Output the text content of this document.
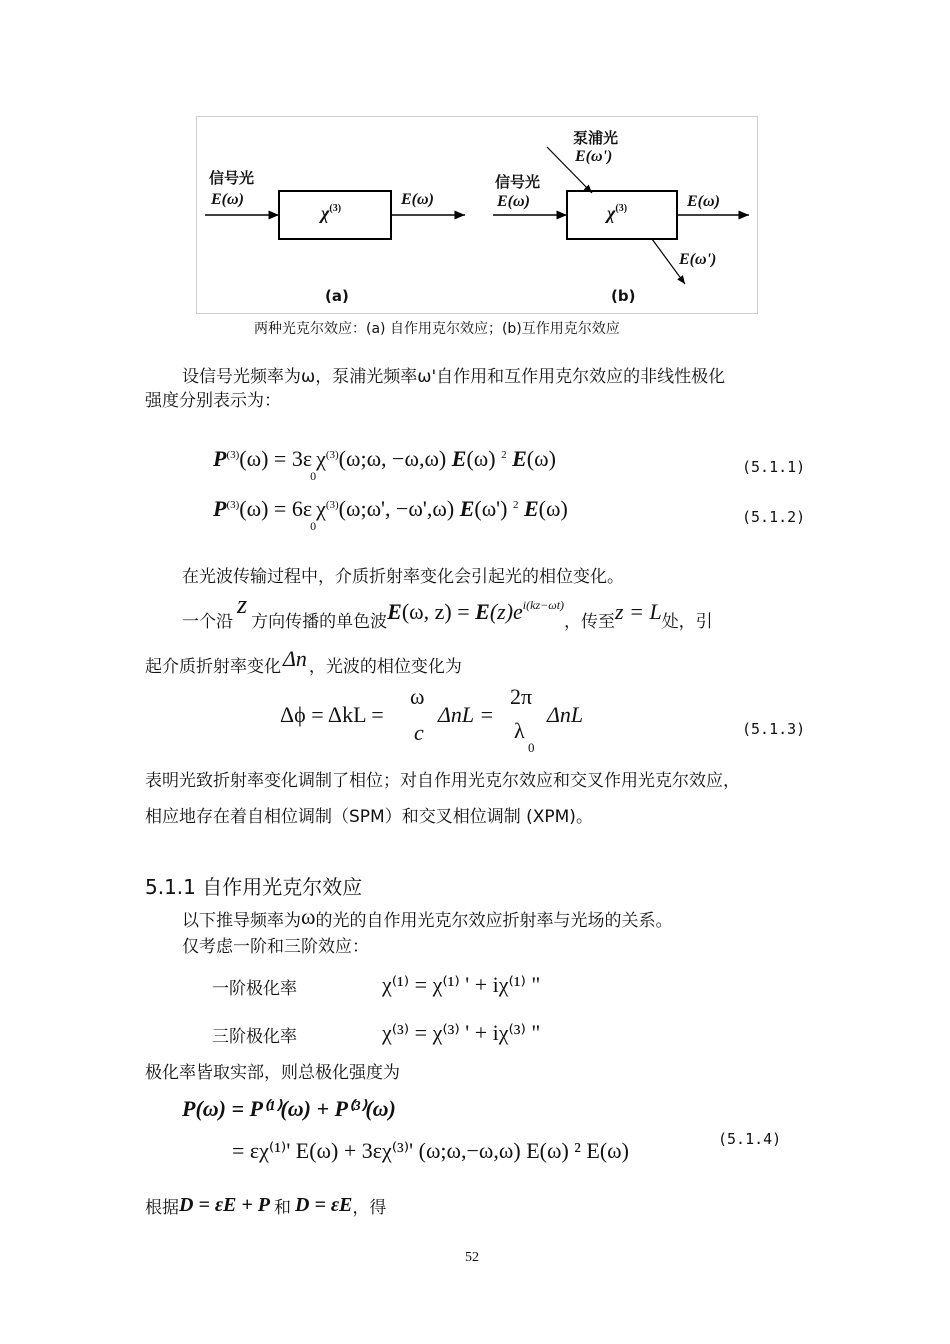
信号光
E(ω)
$\chi^{(3)}$
E(ω)
(a)
信号光
E(ω)
泵浦光
E(ω')
$\chi^{(3)}$	E(ω)
E(ω')
(b)
两种光克尔效应：(a) 自作用克尔效应；(b)互作用克尔效应
设信号光频率为ω，泵浦光频率ω'自作用和互作用克尔效应的非线性极化
强度分别表示为：
$P^{(3)}(\omega)$ = $3\varepsilon_0\chi^{(3)}(\omega;\omega$, −ω,ω) E(ω) $^2$ E(ω)	(5.1.1)
$P^{(3)}(\omega)$ = $6\varepsilon_0\chi^{(3)}(\omega;\omega'$, −ω',ω) E(ω') $^2$ E(ω)	(5.1.2)
在光波传输过程中，介质折射率变化会引起光的相位变化。
一个沿z方向传播的单色波E(ω, $z) = E(z)e^{i(kz-\omega t)}$，传至z = L处，引
起介质折射率变化Δn ，光波的相位变化为
Δϕ = ΔkL =
ω
c
ΔnL =
2π
λ
0
ΔnL
(5.1.3)
表明光致折射率变化调制了相位；对自作用光克尔效应和交叉作用光克尔效应，
相应地存在着自相位调制（SPM）和交叉相位调制 (XPM)。
5.1.1 自作用光克尔效应
以下推导频率为ω的光的自作用光克尔效应折射率与光场的关系。
仅考虑一阶和三阶效应：
一阶极化率	χ⁽¹⁾ = χ⁽¹⁾ ' + iχ⁽¹⁾ "
三阶极化率	χ⁽³⁾ = χ⁽³⁾ ' + iχ⁽³⁾ "
极化率皆取实部，则总极化强度为
P(ω) = P⁽¹⁾(ω) + P⁽³⁾(ω)
= εχ⁽¹⁾' E(ω) + 3εχ⁽³⁾' (ω;ω,−ω,ω) E(ω) ² E(ω)	(5.1.4)
根据D = εE + P 和 D = εE，得
52
